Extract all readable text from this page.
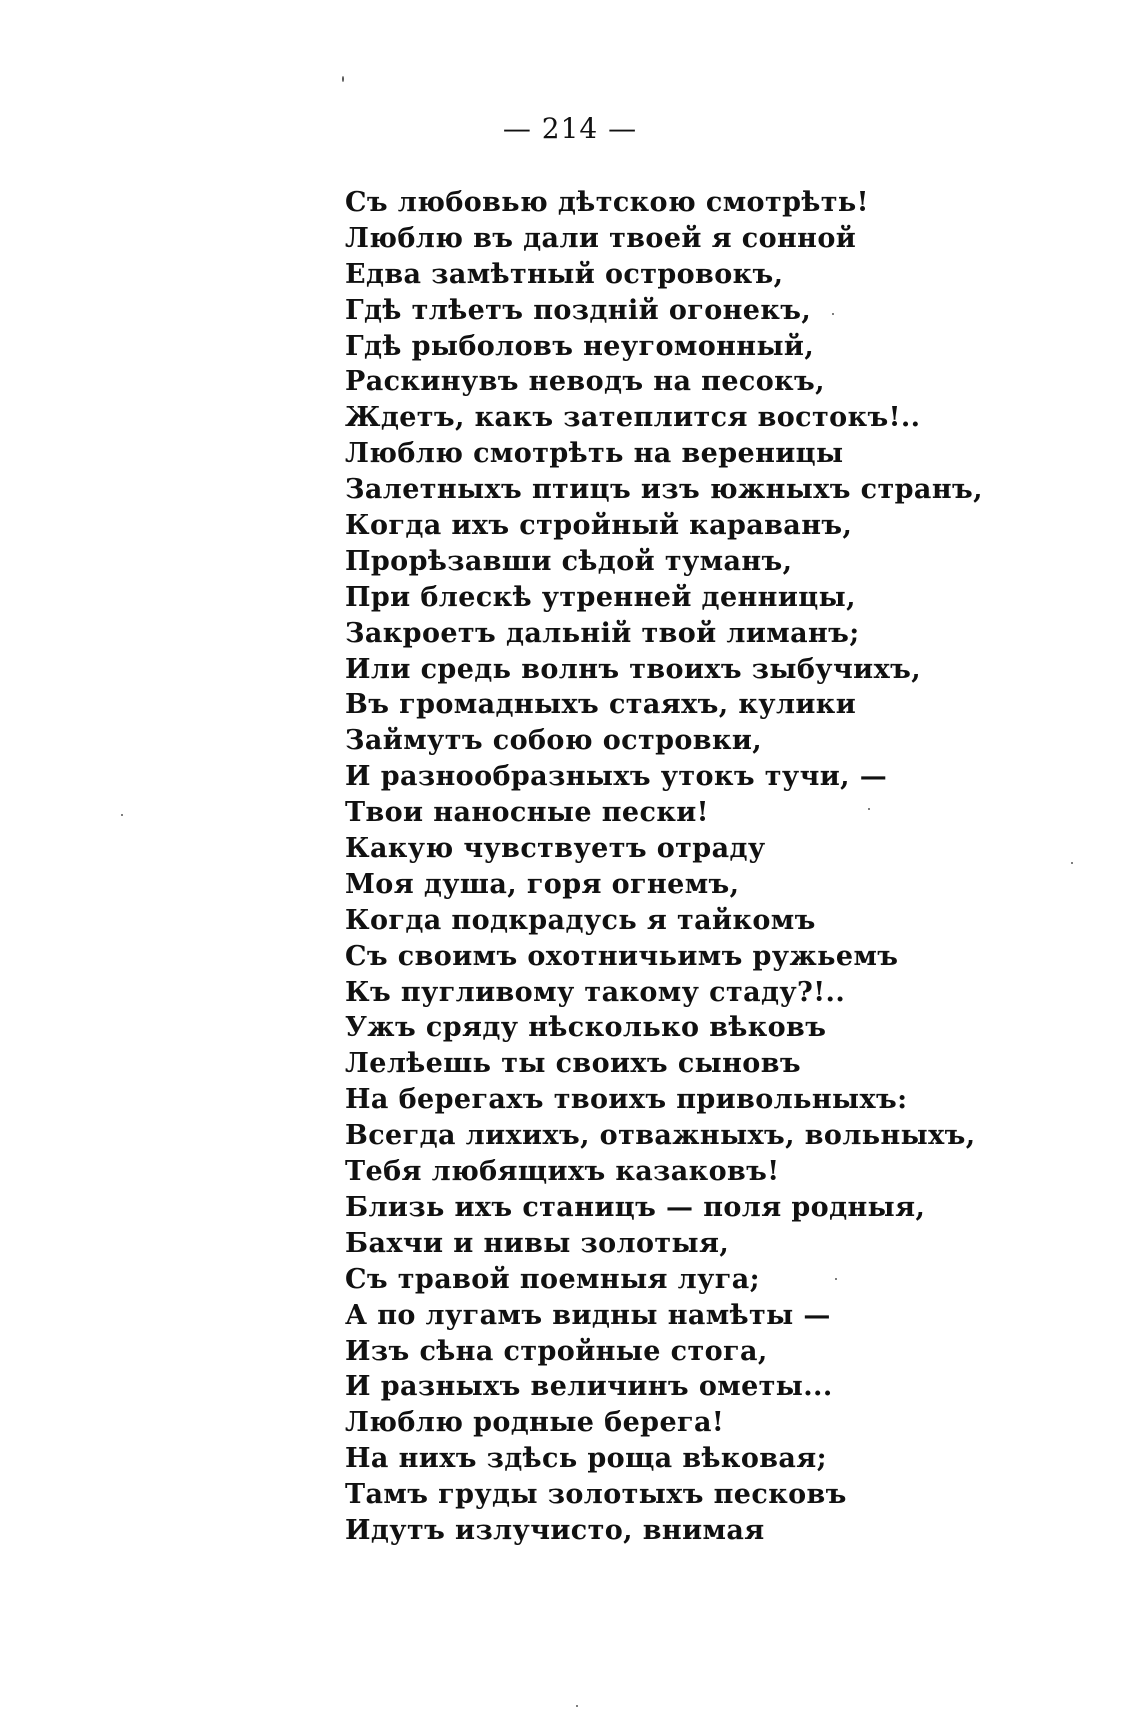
— 214 —
Съ любовью дѣтскою смотрѣть!
Люблю въ дали твоей я сонной
Едва замѣтный островокъ,
Гдѣ тлѣетъ поздній огонекъ,
Гдѣ рыболовъ неугомонный,
Раскинувъ неводъ на песокъ,
Ждетъ, какъ затеплится востокъ!..
Люблю смотрѣть на вереницы
Залетныхъ птицъ изъ южныхъ странъ,
Когда ихъ стройный караванъ,
Прорѣзавши сѣдой туманъ,
При блескѣ утренней денницы,
Закроетъ дальній твой лиманъ;
Или средь волнъ твоихъ зыбучихъ,
Въ громадныхъ стаяхъ, кулики
Займутъ собою островки,
И разнообразныхъ утокъ тучи, —
Твои наносные пески!
Какую чувствуетъ отраду
Моя душа, горя огнемъ,
Когда подкрадусь я тайкомъ
Съ своимъ охотничьимъ ружьемъ
Къ пугливому такому стаду?!..
Ужъ сряду нѣсколько вѣковъ
Лелѣешь ты своихъ сыновъ
На берегахъ твоихъ привольныхъ:
Всегда лихихъ, отважныхъ, вольныхъ,
Тебя любящихъ казаковъ!
Близь ихъ станицъ — поля родныя,
Бахчи и нивы золотыя,
Съ травой поемныя луга;
А по лугамъ видны намѣты —
Изъ сѣна стройные стога,
И разныхъ величинъ ометы...
Люблю родные берега!
На нихъ здѣсь роща вѣковая;
Тамъ груды золотыхъ песковъ
Идутъ излучисто, внимая
